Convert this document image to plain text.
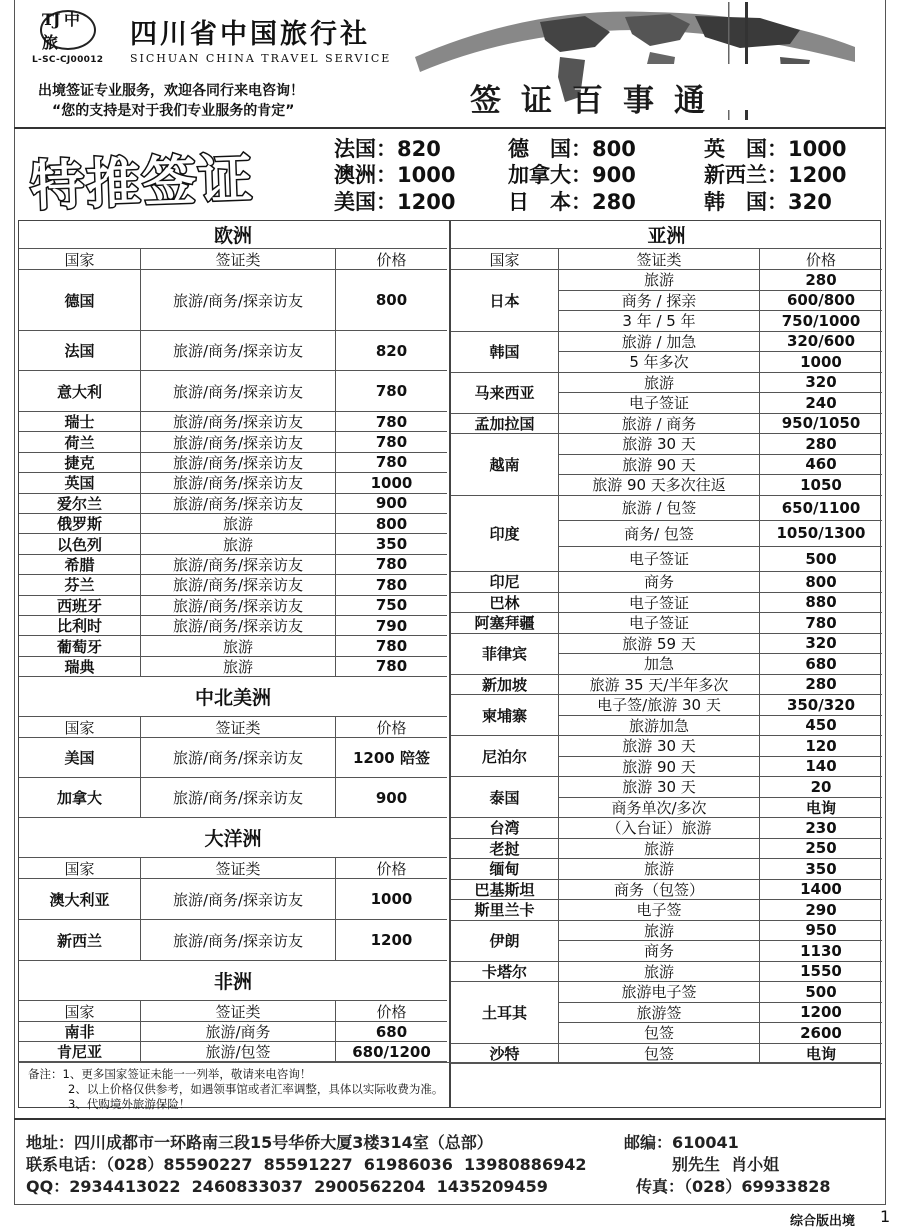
TJ 中旅
L-SC-CJ00012
四川省中国旅行社
SICHUAN CHINA TRAVEL SERVICE
出境签证专业服务，欢迎各同行来电咨询！
“您的支持是对于我们专业服务的肯定”	签证百事通
特推签证	法国：820	德　国：800	英　国：1000
澳洲：1000	加拿大：900	新西兰：1200
美国：1200	日　本：280	韩　国：320
欧洲
国家	签证类	价格
德国	旅游/商务/探亲访友	800
法国	旅游/商务/探亲访友	820
意大利	旅游/商务/探亲访友	780
瑞士	旅游/商务/探亲访友	780
荷兰	旅游/商务/探亲访友	780
捷克	旅游/商务/探亲访友	780
英国	旅游/商务/探亲访友	1000
爱尔兰	旅游/商务/探亲访友	900
俄罗斯	旅游	800
以色列	旅游	350
希腊	旅游/商务/探亲访友	780
芬兰	旅游/商务/探亲访友	780
西班牙	旅游/商务/探亲访友	750
比利时	旅游/商务/探亲访友	790
葡萄牙	旅游	780
瑞典	旅游	780
中北美洲
国家	签证类	价格
美国	旅游/商务/探亲访友	1200 陪签
加拿大	旅游/商务/探亲访友	900
大洋洲
国家	签证类	价格
澳大利亚	旅游/商务/探亲访友	1000
新西兰	旅游/商务/探亲访友	1200
非洲
国家	签证类	价格
南非	旅游/商务	680
肯尼亚	旅游/包签	680/1200
亚洲
国家	签证类	价格
日本
旅游	280
商务 / 探亲	600/800
3 年 / 5 年	750/1000
韩国
旅游 / 加急	320/600
5 年多次	1000
马来西亚
旅游	320
电子签证	240
孟加拉国	旅游 / 商务	950/1050
越南
旅游 30 天	280
旅游 90 天	460
旅游 90 天多次往返	1050
印度
旅游 / 包签	650/1100
商务/ 包签	1050/1300
电子签证	500
印尼	商务	800
巴林	电子签证	880
阿塞拜疆	电子签证	780
菲律宾
旅游 59 天	320
加急	680
新加坡	旅游 35 天/半年多次	280
柬埔寨
电子签/旅游 30 天	350/320
旅游加急	450
尼泊尔
旅游 30 天	120
旅游 90 天	140
泰国
旅游 30 天	20
商务单次/多次	电询
台湾	（入台证）旅游	230
老挝	旅游	250
缅甸	旅游	350
巴基斯坦	商务（包签）	1400
斯里兰卡	电子签	290
伊朗
旅游	950
商务	1130
卡塔尔	旅游	1550
土耳其
旅游电子签	500
旅游签	1200
包签	2600
沙特	包签	电询
备注：1、更多国家签证未能一一列举，敬请来电咨询！
2、以上价格仅供参考，如遇领事馆或者汇率调整，具体以实际收费为准。
3、代购境外旅游保险！
地址：四川成都市一环路南三段15号华侨大厦3楼314室（总部）	邮编：610041
联系电话：（028）85590227  85591227  61986036  13980886942	别先生  肖小姐
QQ：2934413022  2460833037  2900562204  1435209459	传真：（028）69933828
综合版出境 1
